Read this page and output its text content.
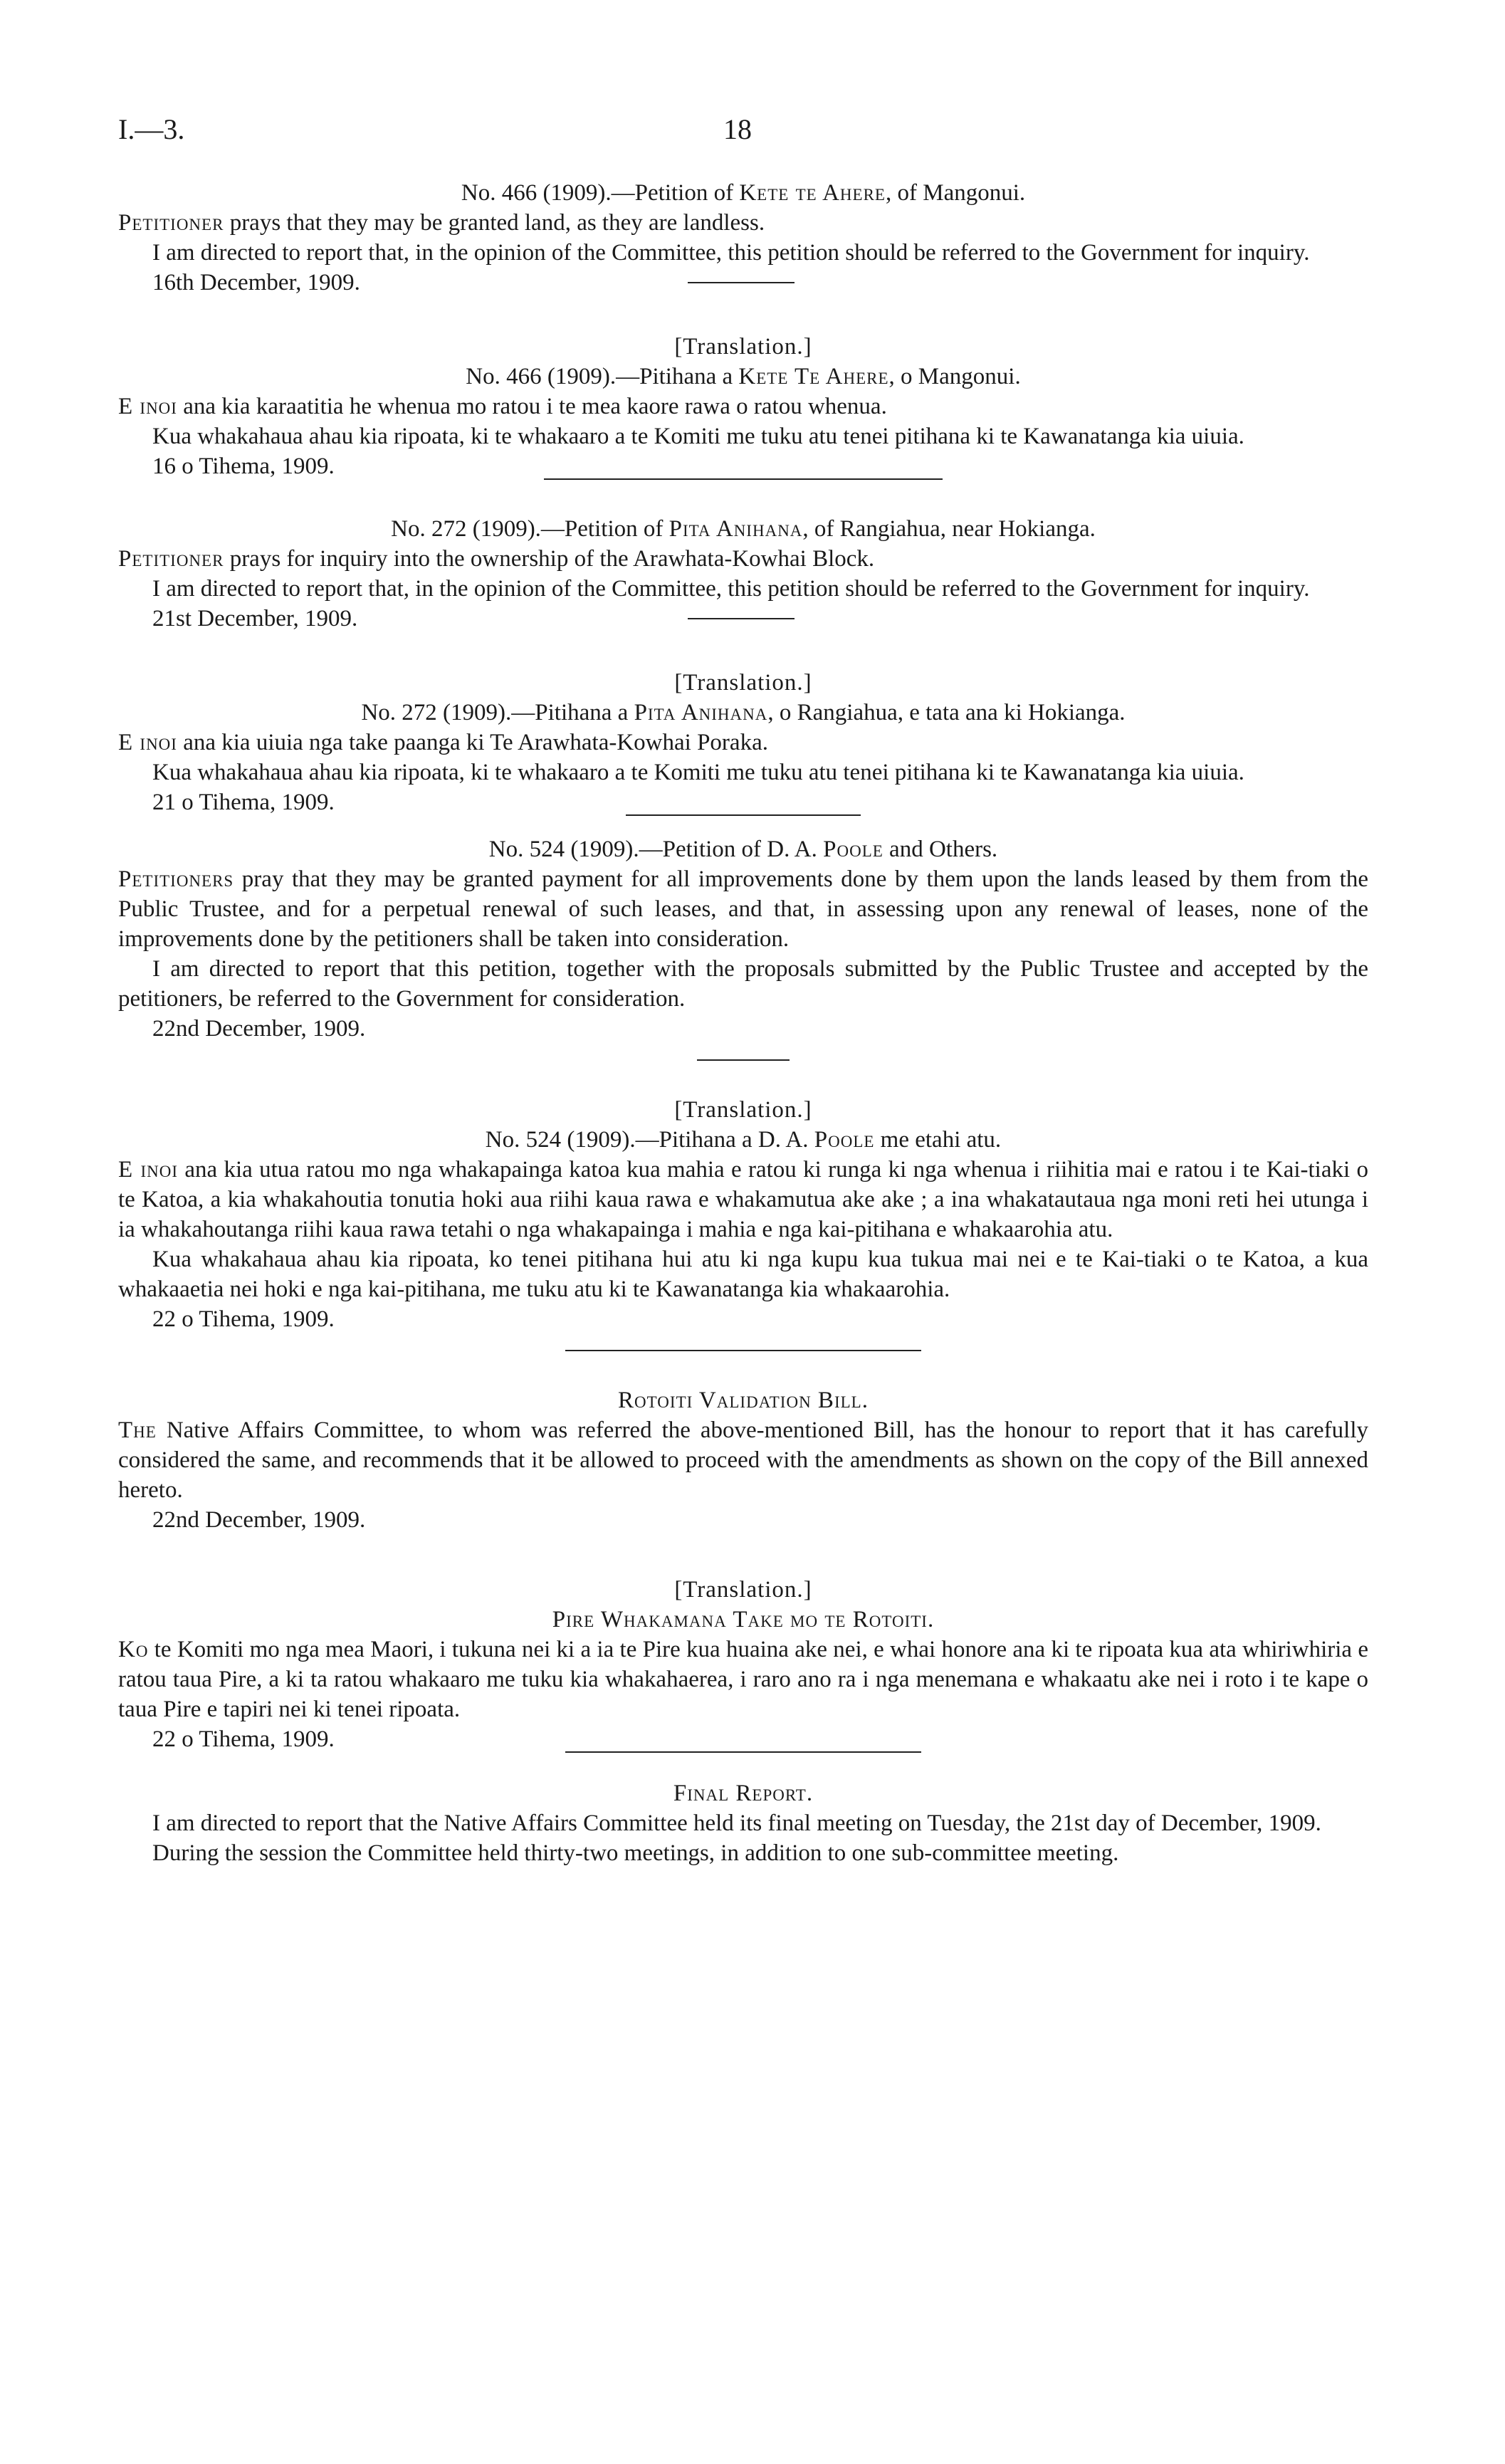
I.—3.	18
No. 466 (1909).—Petition of Kete te Ahere, of Mangonui.

Petitioner prays that they may be granted land, as they are landless.

I am directed to report that, in the opinion of the Committee, this petition should be referred to the Government for inquiry.

16th December, 1909.

[Translation.]
No. 466 (1909).—Pitihana a Kete Te Ahere, o Mangonui.

E inoi ana kia karaatitia he whenua mo ratou i te mea kaore rawa o ratou whenua.

Kua whakahaua ahau kia ripoata, ki te whakaaro a te Komiti me tuku atu tenei pitihana ki te Kawanatanga kia uiuia.

16 o Tihema, 1909.

No. 272 (1909).—Petition of Pita Anihana, of Rangiahua, near Hokianga.

Petitioner prays for inquiry into the ownership of the Arawhata-Kowhai Block.

I am directed to report that, in the opinion of the Committee, this petition should be referred to the Government for inquiry.

21st December, 1909.

[Translation.]
No. 272 (1909).—Pitihana a Pita Anihana, o Rangiahua, e tata ana ki Hokianga.

E inoi ana kia uiuia nga take paanga ki Te Arawhata-Kowhai Poraka.

Kua whakahaua ahau kia ripoata, ki te whakaaro a te Komiti me tuku atu tenei pitihana ki te Kawanatanga kia uiuia.

21 o Tihema, 1909.

No. 524 (1909).—Petition of D. A. Poole and Others.

Petitioners pray that they may be granted payment for all improvements done by them upon the lands leased by them from the Public Trustee, and for a perpetual renewal of such leases, and that, in assessing upon any renewal of leases, none of the improvements done by the petitioners shall be taken into consideration.

I am directed to report that this petition, together with the proposals submitted by the Public Trustee and accepted by the petitioners, be referred to the Government for consideration.

22nd December, 1909.

[Translation.]
No. 524 (1909).—Pitihana a D. A. Poole me etahi atu.

E inoi ana kia utua ratou mo nga whakapainga katoa kua mahia e ratou ki runga ki nga whenua i riihitia mai e ratou i te Kai-tiaki o te Katoa, a kia whakahoutia tonutia hoki aua riihi kaua rawa e whakamutua ake ake ; a ina whakatautaua nga moni reti hei utunga i ia whakahoutanga riihi kaua rawa tetahi o nga whakapainga i mahia e nga kai-pitihana e whakaarohia atu.

Kua whakahaua ahau kia ripoata, ko tenei pitihana hui atu ki nga kupu kua tukua mai nei e te Kai-tiaki o te Katoa, a kua whakaaetia nei hoki e nga kai-pitihana, me tuku atu ki te Kawanatanga kia whakaarohia.

22 o Tihema, 1909.

Rotoiti Validation Bill.

The Native Affairs Committee, to whom was referred the above-mentioned Bill, has the honour to report that it has carefully considered the same, and recommends that it be allowed to proceed with the amendments as shown on the copy of the Bill annexed hereto.

22nd December, 1909.

[Translation.]
Pire Whakamana Take mo te Rotoiti.

Ko te Komiti mo nga mea Maori, i tukuna nei ki a ia te Pire kua huaina ake nei, e whai honore ana ki te ripoata kua ata whiriwhiria e ratou taua Pire, a ki ta ratou whakaaro me tuku kia whakahaerea, i raro ano ra i nga menemana e whakaatu ake nei i roto i te kape o taua Pire e tapiri nei ki tenei ripoata.

22 o Tihema, 1909.

Final Report.

I am directed to report that the Native Affairs Committee held its final meeting on Tuesday, the 21st day of December, 1909.

During the session the Committee held thirty-two meetings, in addition to one sub-committee meeting.
